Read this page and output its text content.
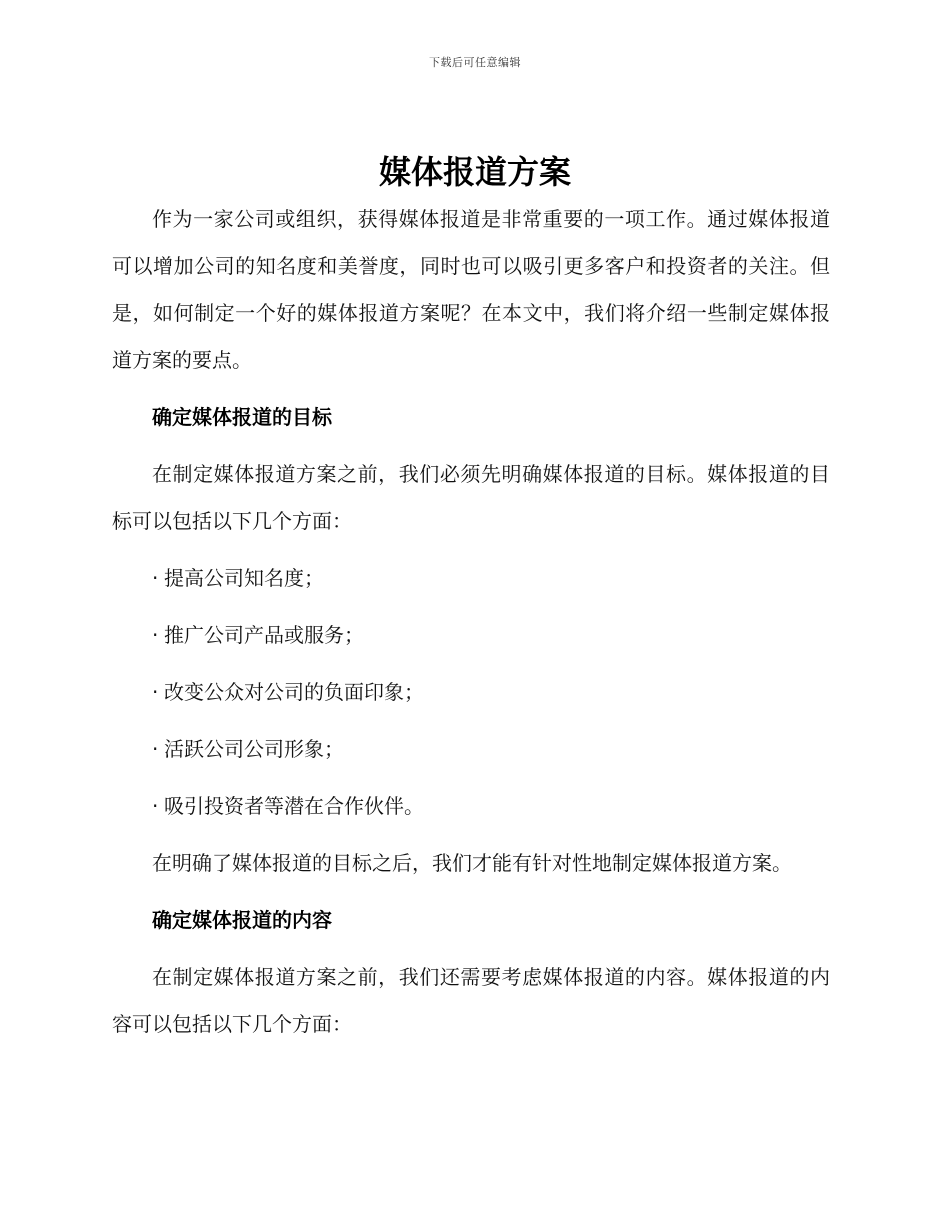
下载后可任意编辑
媒体报道方案

作为一家公司或组织，获得媒体报道是非常重要的一项工作。通过媒体报道可以增加公司的知名度和美誉度，同时也可以吸引更多客户和投资者的关注。但是，如何制定一个好的媒体报道方案呢？在本文中，我们将介绍一些制定媒体报道方案的要点。

确定媒体报道的目标

在制定媒体报道方案之前，我们必须先明确媒体报道的目标。媒体报道的目标可以包括以下几个方面：

· 提高公司知名度；
· 推广公司产品或服务；
· 改变公众对公司的负面印象；
· 活跃公司公司形象；
· 吸引投资者等潜在合作伙伴。

在明确了媒体报道的目标之后，我们才能有针对性地制定媒体报道方案。

确定媒体报道的内容

在制定媒体报道方案之前，我们还需要考虑媒体报道的内容。媒体报道的内容可以包括以下几个方面：
